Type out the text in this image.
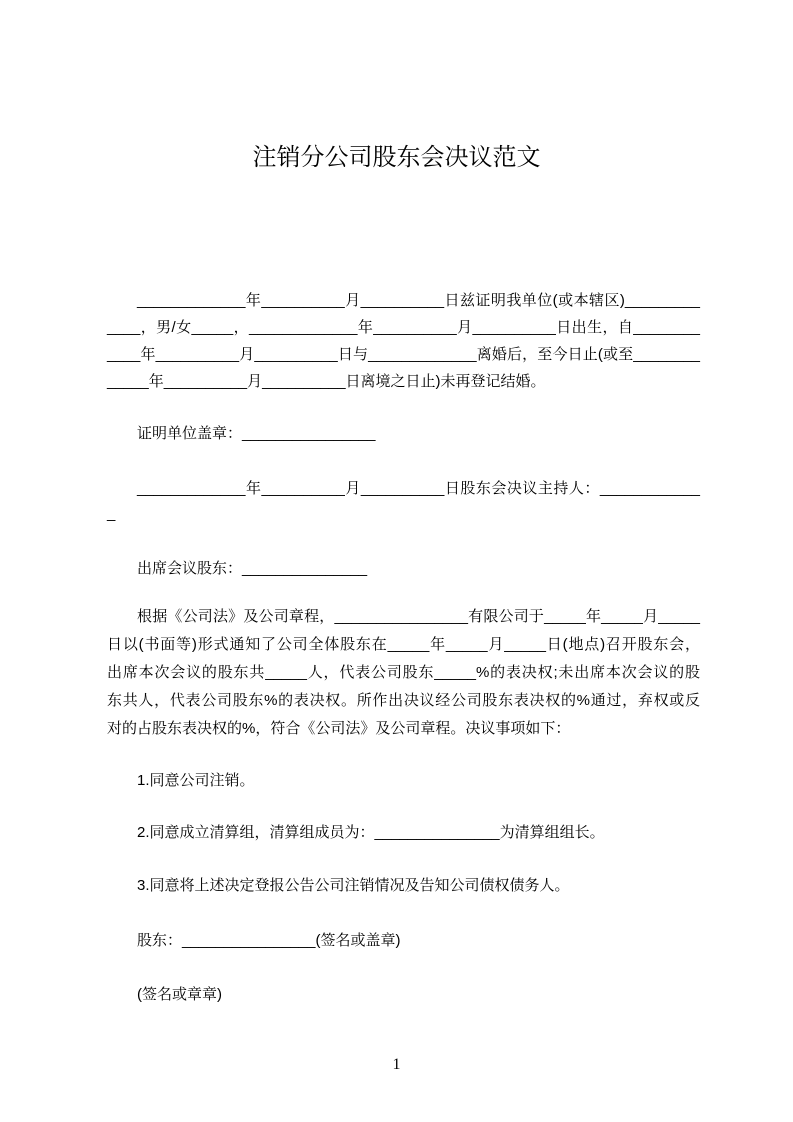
注销分公司股东会决议范文
_____________年__________月__________日兹证明我单位(或本辖区)_________
____，男/女_____，_____________年__________月__________日出生，自________
____年__________月__________日与_____________离婚后，至今日止(或至________
_____年__________月__________日离境之日止)未再登记结婚。
证明单位盖章：________________
_____________年__________月__________日股东会决议主持人：____________
_
出席会议股东：_______________
根据《公司法》及公司章程，________________有限公司于_____年_____月_____
日以(书面等)形式通知了公司全体股东在_____年_____月_____日(地点)召开股东会，
出席本次会议的股东共_____人，代表公司股东_____%的表决权;未出席本次会议的股
东共人，代表公司股东%的表决权。所作出决议经公司股东表决权的%通过，弃权或反
对的占股东表决权的%，符合《公司法》及公司章程。决议事项如下：
1.同意公司注销。
2.同意成立清算组，清算组成员为：_______________为清算组组长。
3.同意将上述决定登报公告公司注销情况及告知公司债权债务人。
股东：________________(签名或盖章)
(签名或章章)
1
